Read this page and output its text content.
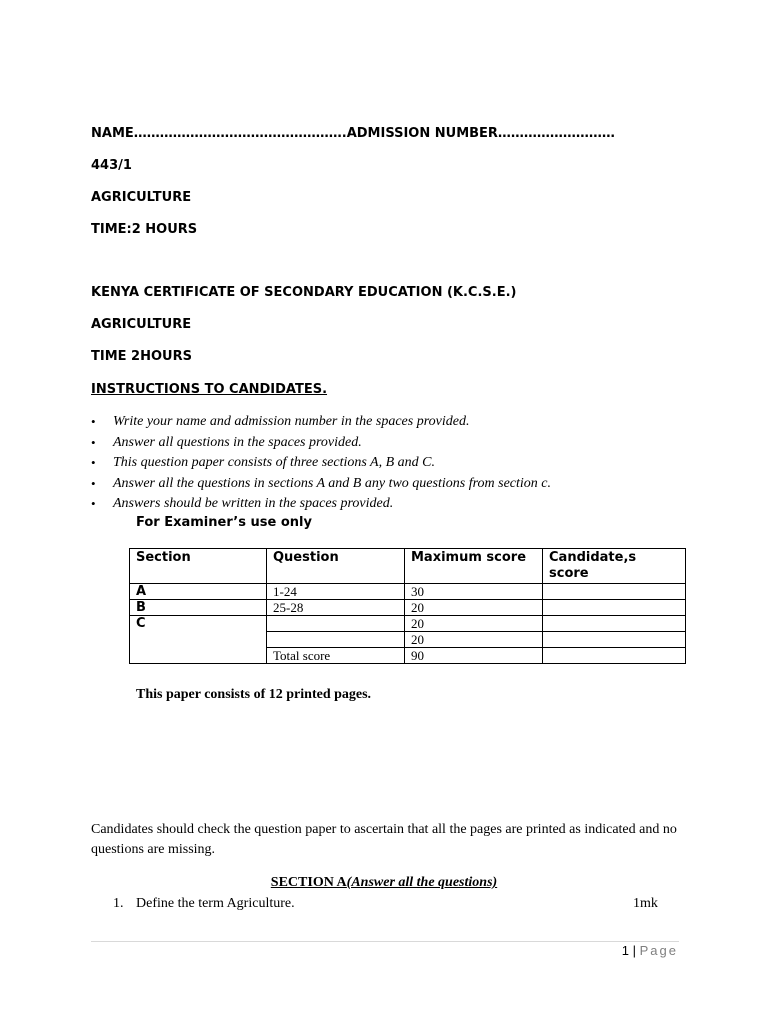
NAME………………………………………….ADMISSION NUMBER………………………
443/1
AGRICULTURE
TIME:2 HOURS
KENYA CERTIFICATE OF SECONDARY EDUCATION (K.C.S.E.)
AGRICULTURE
TIME 2HOURS
INSTRUCTIONS TO CANDIDATES.
• Write your name and admission number in the spaces provided.
• Answer all questions in the spaces provided.
• This question paper consists of three sections A, B and C.
• Answer all the questions in sections A and B any two questions from section c.
• Answers should be written in the spaces provided.
For Examiner’s use only
Section	Question	Maximum score	Candidate,s score
A	1-24	30	
B	25-28	20	
C		20	
		20	
	Total score	90	
This paper consists of 12 printed pages.
Candidates should check the question paper to ascertain that all the pages are printed as indicated and no questions are missing.
SECTION A(Answer all the questions)
1. Define the term Agriculture.	1mk
1 | Page
